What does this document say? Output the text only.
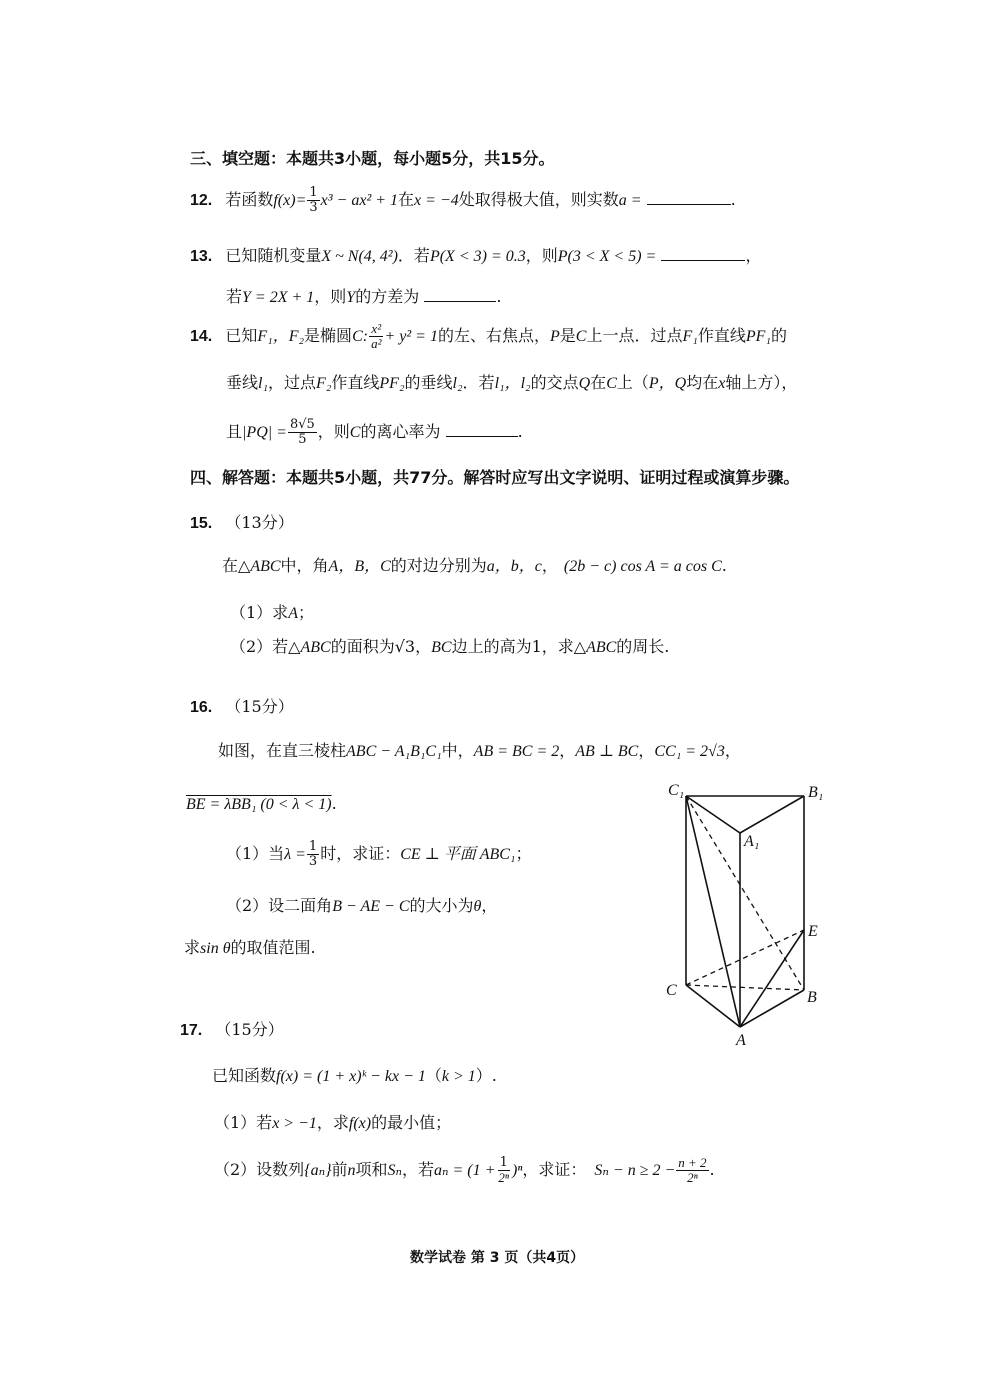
三、填空题：本题共3小题，每小题5分，共15分。
12. 若函数$f(x)= \frac{1}{3} x^3 - ax^2 + 1$在x = −4处取得极大值，则实数a =	.
13. 已知随机变量X ~ N(4, 4²)．若P(X < 3) = 0.3，则P(3 < X < 5) =	，
若Y = 2X + 1，则Y的方差为	.
14. 已知F₁，F₂是椭圆C: $\frac{\text{x²}}{\text{a²}} + y^2 = 1$的左、右焦点，P是C上一点．过点F₁作直线PF₁的
垂线l₁，过点F₂作直线PF₂的垂线l₂．若l₁，l₂的交点Q在C上（P，Q均在x轴上方），
且$|PQ| = \frac{8√5}{5}$ ，则C的离心率为	.
四、解答题：本题共5小题，共77分。解答时应写出文字说明、证明过程或演算步骤。
15. （13分）
在△ABC中，角A，B，C的对边分别为a，b，c， (2b − c) cos A = a cos C.
（1）求A；
（2）若△ABC的面积为√3，BC边上的高为1，求△ABC的周长.
16. （15分）
如图，在直三棱柱ABC − A₁B₁C₁中，AB = BC = 2，AB ⊥ BC，CC₁ = 2√3，
BE = λBB₁ (0 < λ < 1).
（1）当$\lambda = \frac{1}{3}$ 时，求证：CE ⊥ 平面 ABC₁；
（2）设二面角B − AE − C的大小为θ，
求sin θ的取值范围.
C₁	B₁
A₁
E
C	B
A
17. （15分）
已知函数f(x) = (1 + x)ᵏ − kx − 1（k > 1）.
（1）若x > −1，求f(x)的最小值；
（2）设数列{aₙ}前n项和Sₙ，若$a_n = (1 + \frac{1}{\text{2ⁿ}} )^n$，求证： $S_n - n \ge 2 - \frac{n + 2}{\text{2ⁿ}}$ .
数学试卷 第 3 页（共4页）
